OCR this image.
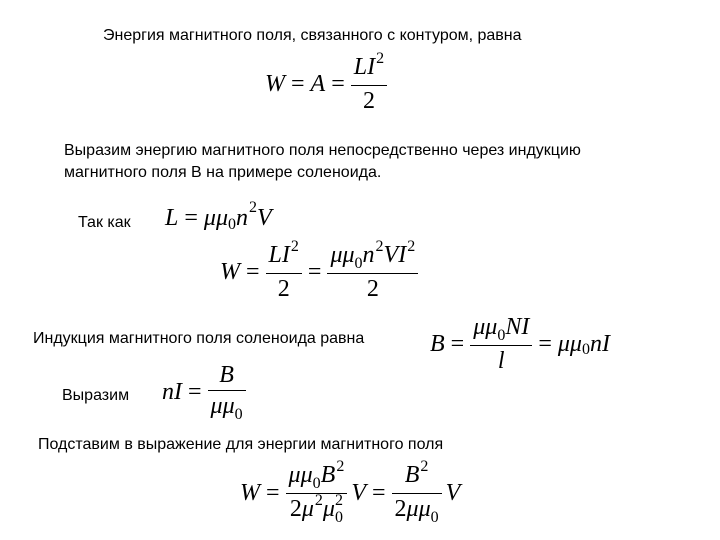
Энергия магнитного поля, связанного с контуром, равна
$W = A = \frac{LI^2}{2}$
Выразим энергию магнитного поля непосредственно через индукцию
магнитного поля В на примере соленоида.
Так как L = μμ 0 n 2 V
$W = \frac{LI^2}{2} = \frac{\mu\mu_0n^2VI^2}{2}$
Индукция магнитного поля соленоида равна	$B = \frac{\mu\mu_0NI}{l} = \mu\mu$ 0 nI
Выразим nI = $\frac{B}{\mu\mu_0}$
Подставим в выражение для энергии магнитного поля
$W = \frac{\mu\mu_0B^2}{2\mu^2\mu_0^2}$ $V = \frac{B^2}{2\mu\mu_0}$ V
